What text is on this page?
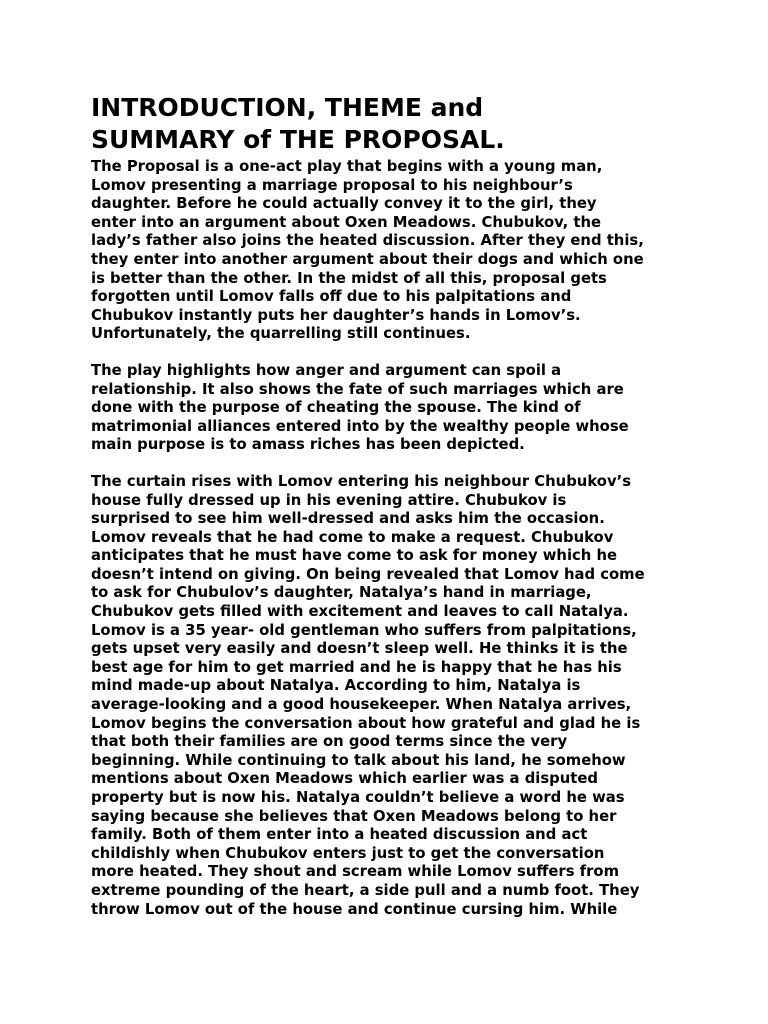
INTRODUCTION, THEME and
SUMMARY of THE PROPOSAL.
The Proposal is a one-act play that begins with a young man,
Lomov presenting a marriage proposal to his neighbour’s
daughter. Before he could actually convey it to the girl, they
enter into an argument about Oxen Meadows. Chubukov, the
lady’s father also joins the heated discussion. After they end this,
they enter into another argument about their dogs and which one
is better than the other. In the midst of all this, proposal gets
forgotten until Lomov falls off due to his palpitations and
Chubukov instantly puts her daughter’s hands in Lomov’s.
Unfortunately, the quarrelling still continues.
The play highlights how anger and argument can spoil a
relationship. It also shows the fate of such marriages which are
done with the purpose of cheating the spouse. The kind of
matrimonial alliances entered into by the wealthy people whose
main purpose is to amass riches has been depicted.
The curtain rises with Lomov entering his neighbour Chubukov’s
house fully dressed up in his evening attire. Chubukov is
surprised to see him well-dressed and asks him the occasion.
Lomov reveals that he had come to make a request. Chubukov
anticipates that he must have come to ask for money which he
doesn’t intend on giving. On being revealed that Lomov had come
to ask for Chubulov’s daughter, Natalya’s hand in marriage,
Chubukov gets filled with excitement and leaves to call Natalya.
Lomov is a 35 year- old gentleman who suffers from palpitations,
gets upset very easily and doesn’t sleep well. He thinks it is the
best age for him to get married and he is happy that he has his
mind made-up about Natalya. According to him, Natalya is
average-looking and a good housekeeper. When Natalya arrives,
Lomov begins the conversation about how grateful and glad he is
that both their families are on good terms since the very
beginning. While continuing to talk about his land, he somehow
mentions about Oxen Meadows which earlier was a disputed
property but is now his. Natalya couldn’t believe a word he was
saying because she believes that Oxen Meadows belong to her
family. Both of them enter into a heated discussion and act
childishly when Chubukov enters just to get the conversation
more heated. They shout and scream while Lomov suffers from
extreme pounding of the heart, a side pull and a numb foot. They
throw Lomov out of the house and continue cursing him. While
